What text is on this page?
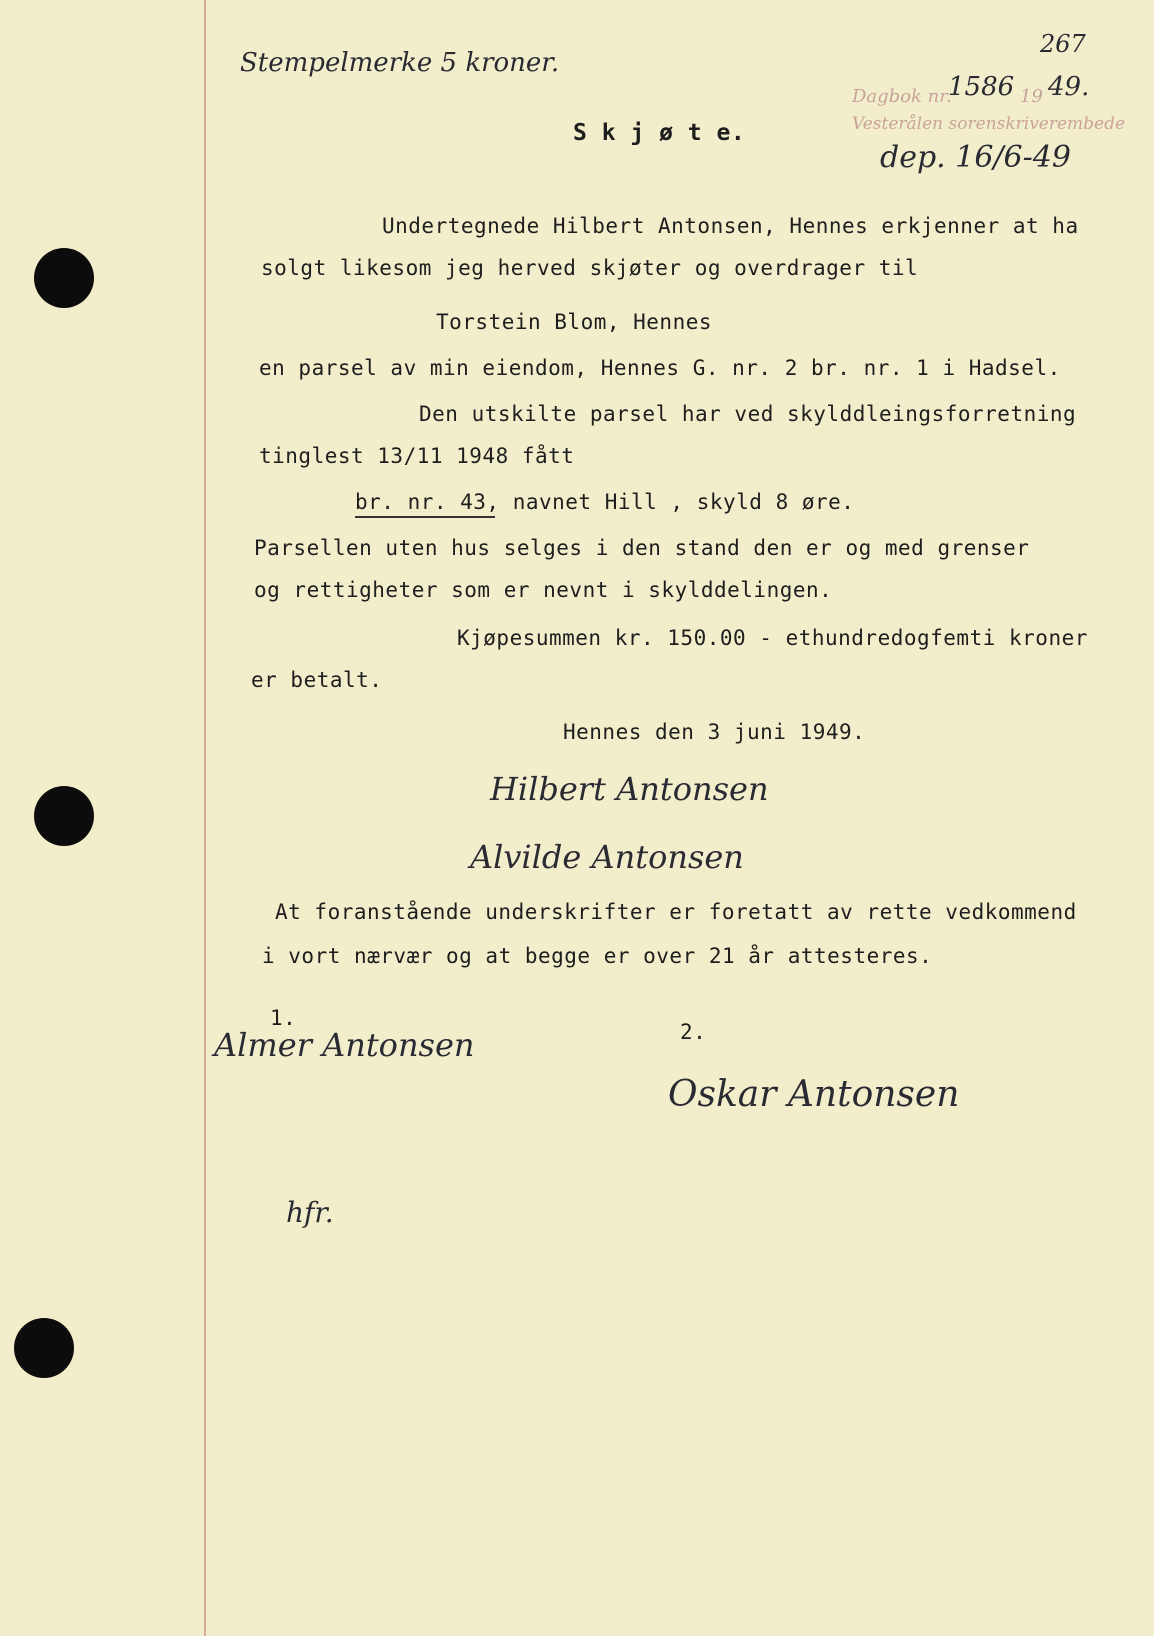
Stempelmerke 5 kroner.
267
Dagbok nr.
1586 19 49.
Vesterålen sorenskriverembede
dep. 16/6-49
S k j ø t e.
Undertegnede Hilbert Antonsen, Hennes erkjenner at ha
solgt likesom jeg herved skjøter og overdrager til
Torstein Blom, Hennes
en parsel av min eiendom, Hennes G. nr. 2 br. nr. 1 i Hadsel.
Den utskilte parsel har ved skylddleingsforretning
tinglest 13/11 1948 fått
br. nr. 43, navnet Hill , skyld 8 øre.
Parsellen uten hus selges i den stand den er og med grenser
og rettigheter som er nevnt i skylddelingen.
Kjøpesummen kr. 150.00 - ethundredogfemti kroner
er betalt.
Hennes den 3 juni 1949.
Hilbert Antonsen
Alvilde Antonsen
At foranstående underskrifter er foretatt av rette vedkommend
i vort nærvær og at begge er over 21 år attesteres.
1.
Almer Antonsen	2.
Oskar Antonsen
hfr.
